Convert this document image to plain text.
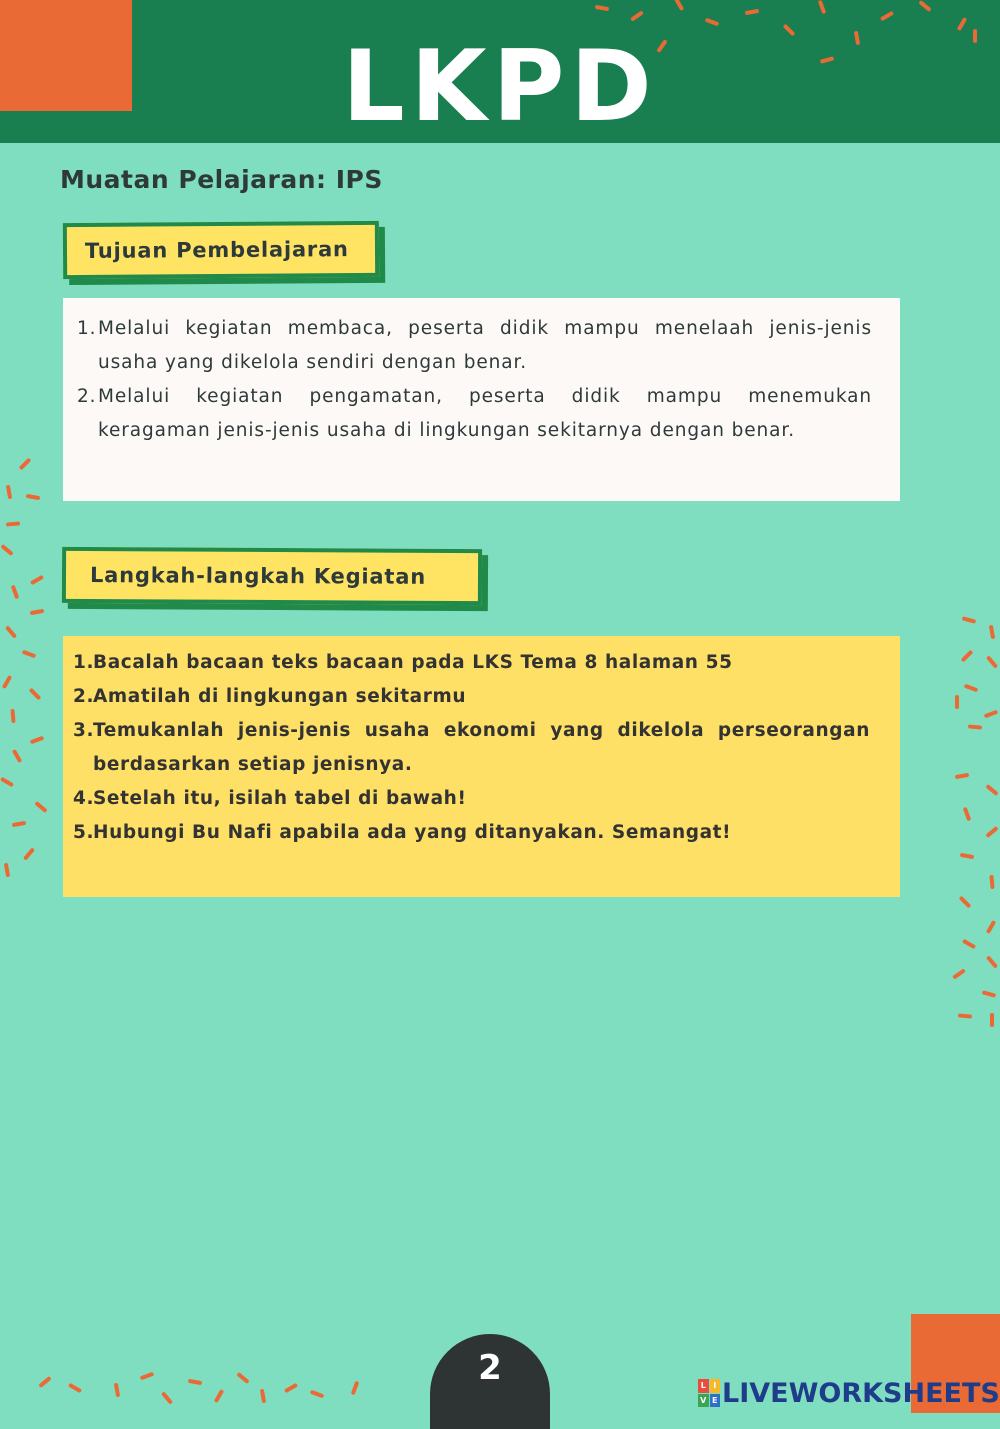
LKPD
Muatan Pelajaran: IPS
Tujuan Pembelajaran
Melalui kegiatan membaca, peserta didik mampu menelaah jenis-jenis usaha yang dikelola sendiri dengan benar.
Melalui kegiatan pengamatan, peserta didik mampu menemukan keragaman jenis-jenis usaha di lingkungan sekitarnya dengan benar.
Langkah-langkah Kegiatan
Bacalah bacaan teks bacaan pada LKS Tema 8 halaman 55
Amatilah di lingkungan sekitarmu
Temukanlah jenis-jenis usaha ekonomi yang dikelola perseorangan berdasarkan setiap jenisnya.
Setelah itu, isilah tabel di bawah!
Hubungi Bu Nafi apabila ada yang ditanyakan. Semangat!
2	L I
V E LIVEWORKSHEETS
